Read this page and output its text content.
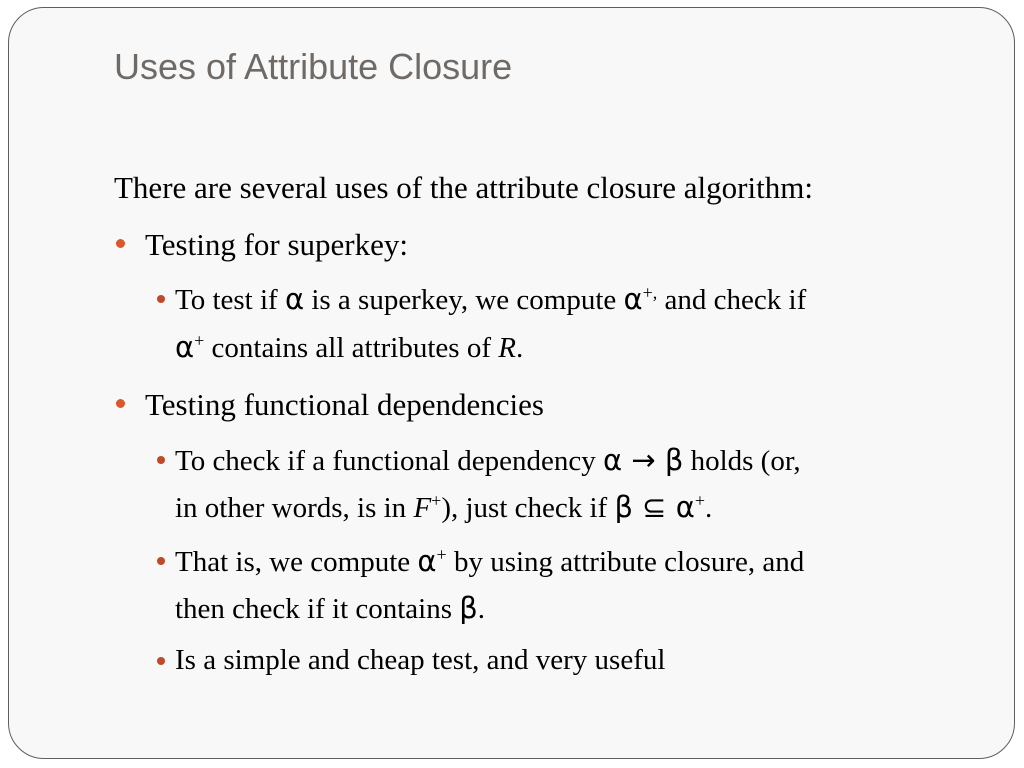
Uses of Attribute Closure
There are several uses of the attribute closure algorithm:
Testing for superkey:
To test if α is a superkey, we compute α+, and check if
α+ contains all attributes of R.
Testing functional dependencies
To check if a functional dependency α → β holds (or,
in other words, is in F+), just check if β ⊆ α+.
That is, we compute α+ by using attribute closure, and
then check if it contains β.
Is a simple and cheap test, and very useful
